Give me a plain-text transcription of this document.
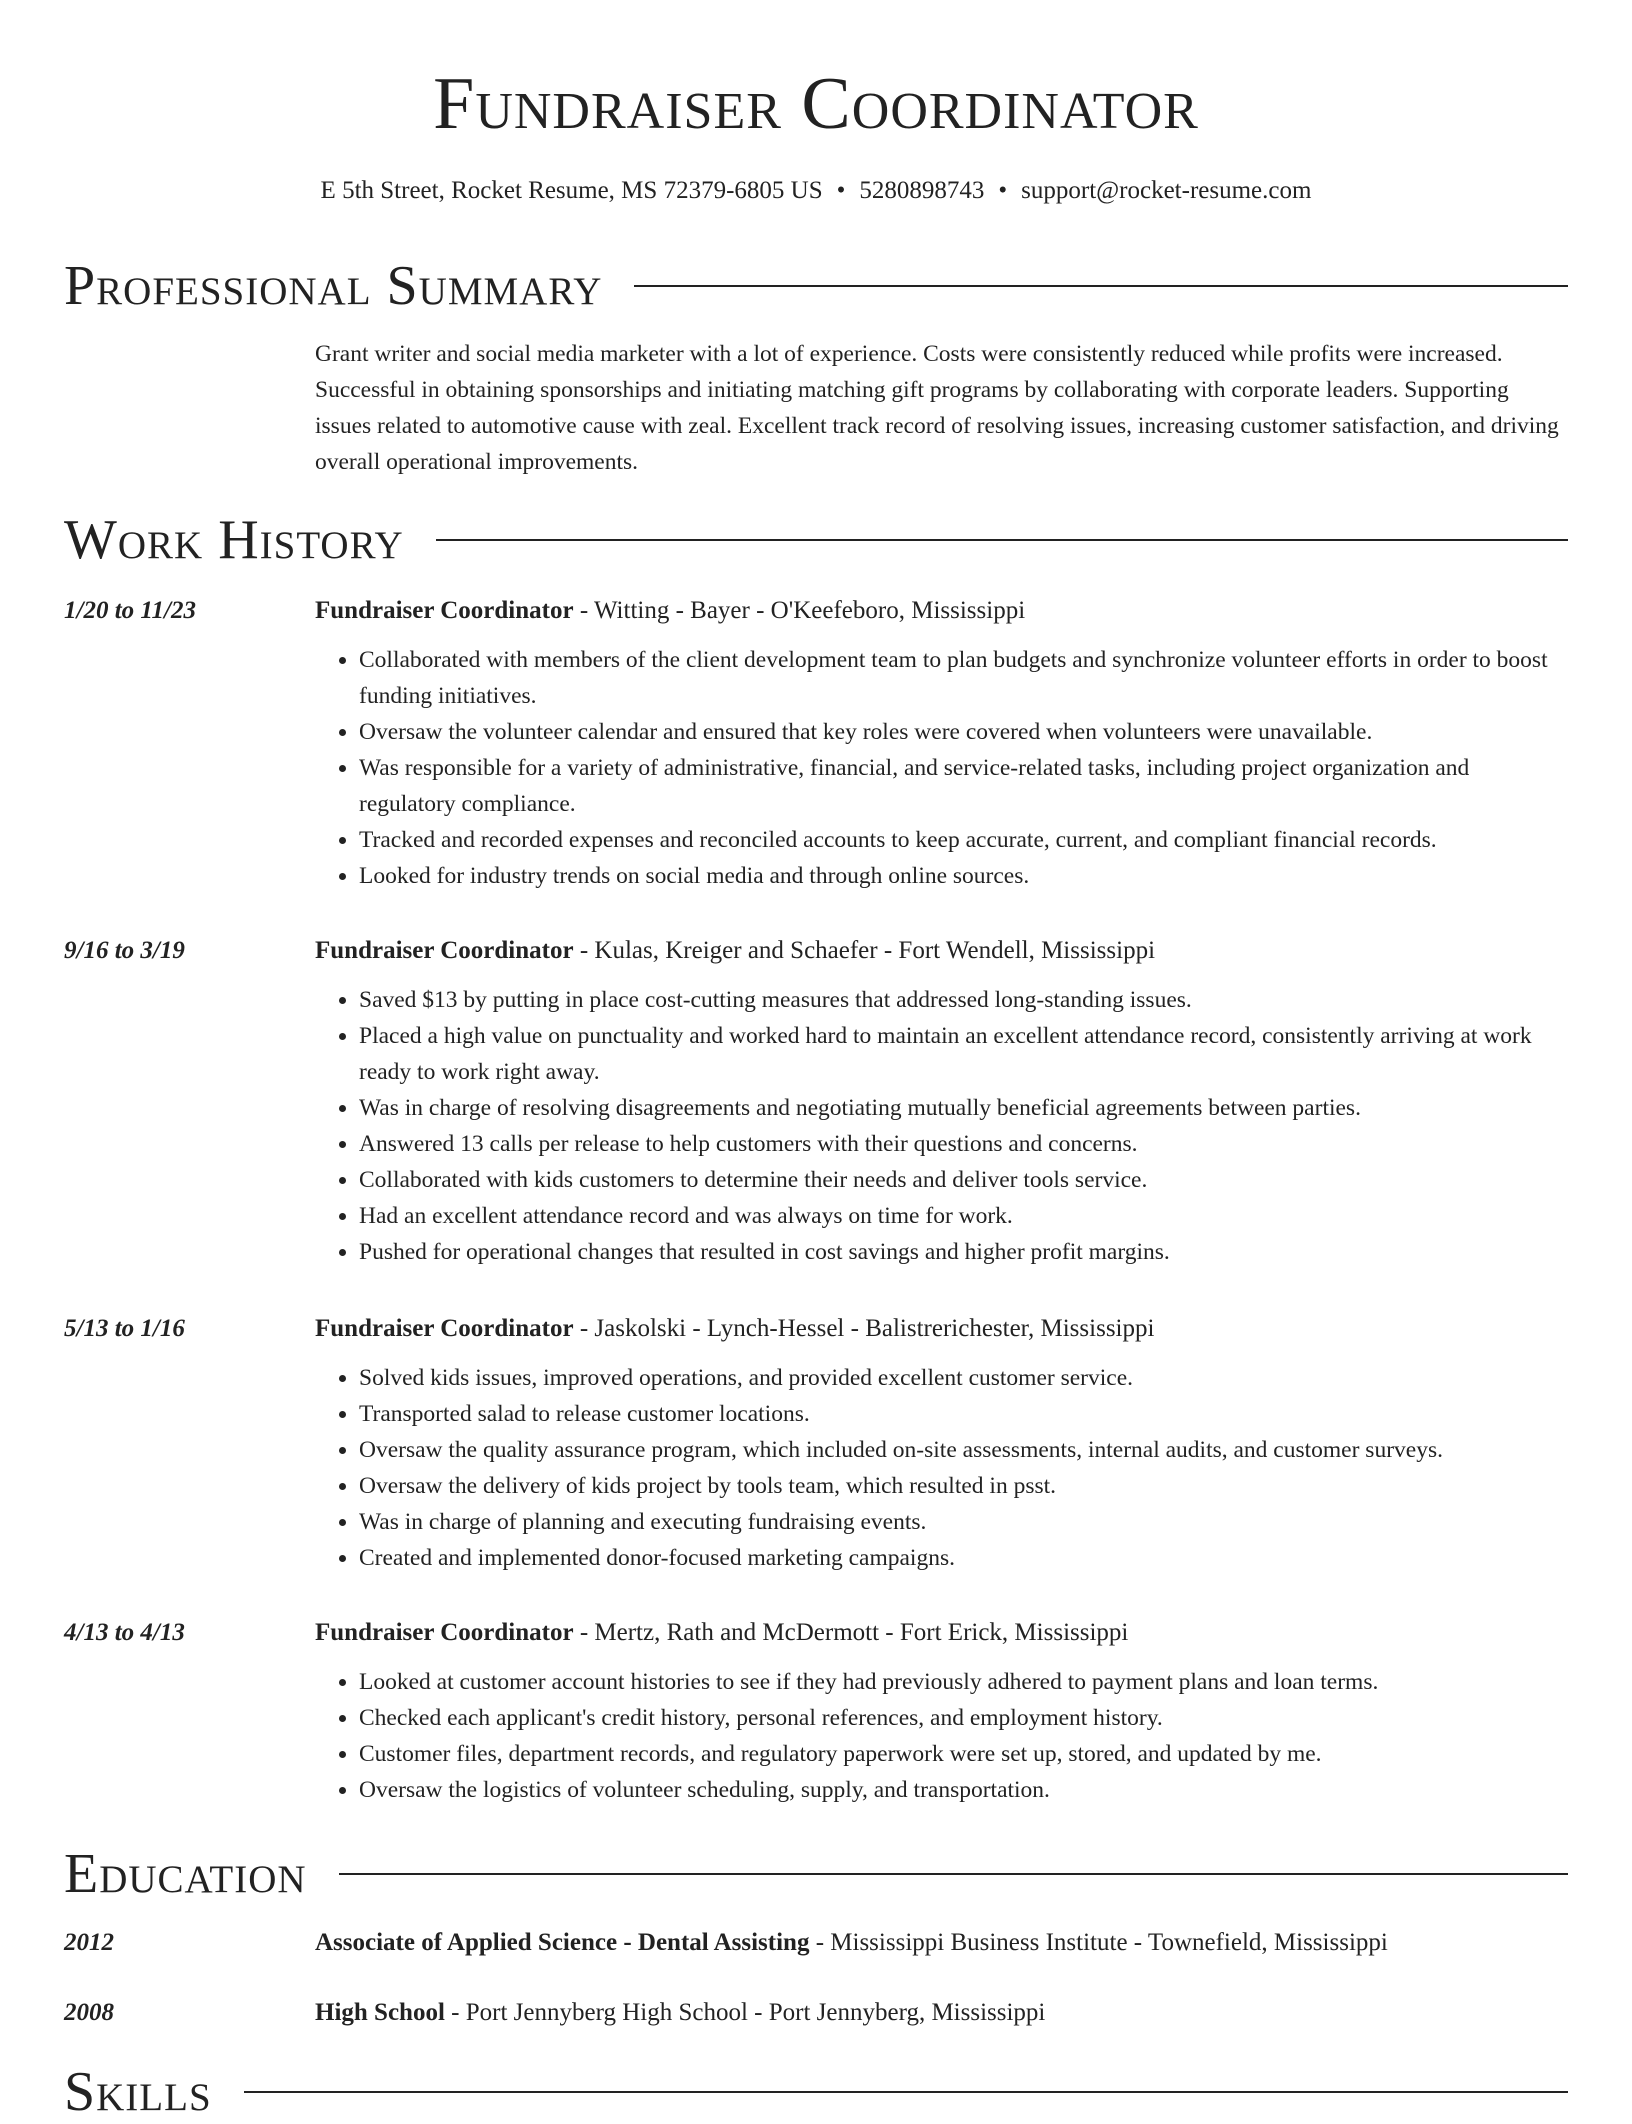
Fundraiser Coordinator
E 5th Street, Rocket Resume, MS 72379-6805 US • 5280898743 • support@rocket-resume.com
Professional Summary
Grant writer and social media marketer with a lot of experience. Costs were consistently reduced while profits were increased. Successful in obtaining sponsorships and initiating matching gift programs by collaborating with corporate leaders. Supporting issues related to automotive cause with zeal. Excellent track record of resolving issues, increasing customer satisfaction, and driving overall operational improvements.
Work History
1/20 to 11/23	Fundraiser Coordinator - Witting - Bayer - O'Keefeboro, Mississippi
• Collaborated with members of the client development team to plan budgets and synchronize volunteer efforts in order to boost funding initiatives.
• Oversaw the volunteer calendar and ensured that key roles were covered when volunteers were unavailable.
• Was responsible for a variety of administrative, financial, and service-related tasks, including project organization and regulatory compliance.
• Tracked and recorded expenses and reconciled accounts to keep accurate, current, and compliant financial records.
• Looked for industry trends on social media and through online sources.
9/16 to 3/19	Fundraiser Coordinator - Kulas, Kreiger and Schaefer - Fort Wendell, Mississippi
• Saved $13 by putting in place cost-cutting measures that addressed long-standing issues.
• Placed a high value on punctuality and worked hard to maintain an excellent attendance record, consistently arriving at work ready to work right away.
• Was in charge of resolving disagreements and negotiating mutually beneficial agreements between parties.
• Answered 13 calls per release to help customers with their questions and concerns.
• Collaborated with kids customers to determine their needs and deliver tools service.
• Had an excellent attendance record and was always on time for work.
• Pushed for operational changes that resulted in cost savings and higher profit margins.
5/13 to 1/16	Fundraiser Coordinator - Jaskolski - Lynch-Hessel - Balistrerichester, Mississippi
• Solved kids issues, improved operations, and provided excellent customer service.
• Transported salad to release customer locations.
• Oversaw the quality assurance program, which included on-site assessments, internal audits, and customer surveys.
• Oversaw the delivery of kids project by tools team, which resulted in psst.
• Was in charge of planning and executing fundraising events.
• Created and implemented donor-focused marketing campaigns.
4/13 to 4/13	Fundraiser Coordinator - Mertz, Rath and McDermott - Fort Erick, Mississippi
• Looked at customer account histories to see if they had previously adhered to payment plans and loan terms.
• Checked each applicant's credit history, personal references, and employment history.
• Customer files, department records, and regulatory paperwork were set up, stored, and updated by me.
• Oversaw the logistics of volunteer scheduling, supply, and transportation.
Education
2012	Associate of Applied Science - Dental Assisting - Mississippi Business Institute - Townefield, Mississippi
2008	High School - Port Jennyberg High School - Port Jennyberg, Mississippi
Skills
